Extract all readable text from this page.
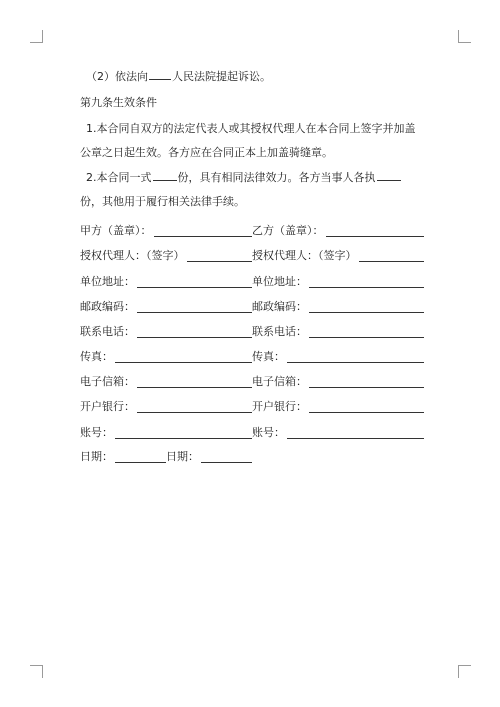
（2）依法向 人民法院提起诉讼。
第九条生效条件
1.本合同自双方的法定代表人或其授权代理人在本合同上签字并加盖公章之日起生效。各方应在合同正本上加盖骑缝章。
2.本合同一式 份，具有相同法律效力。各方当事人各执份，其他用于履行相关法律手续。
甲方（盖章）：	乙方（盖章）：
授权代理人：（签字）	授权代理人：（签字）
单位地址：	单位地址：
邮政编码：	邮政编码：
联系电话：	联系电话：
传真：	传真：
电子信箱：	电子信箱：
开户银行：	开户银行：
账号：	账号：
日期：	日期：
